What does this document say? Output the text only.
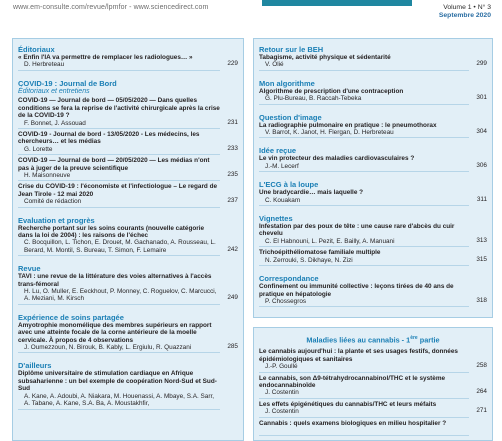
www.em-consulte.com/revue/lpmfor - www.sciencedirect.com	Volume 1 • N° 3
Septembre 2020
Éditoriaux
« Enfin l'IA va permettre de remplacer les radiologues… »
D. Herbreteau	229
COVID-19 : Journal de Bord
Éditoriaux et entretiens
COVID-19 — Journal de bord — 05/05/2020 — Dans quelles conditions se fera la reprise de l'activité chirurgicale après la crise de la COVID-19 ?
F. Bonnet, J. Assouad	231
COVID-19 - Journal de bord - 13/05/2020 - Les médecins, les chercheurs… et les médias
G. Lorette	233
COVID-19 — Journal de bord — 20/05/2020 — Les médias n'ont pas à juger de la preuve scientifique
H. Maisonneuve	235
Crise du COVID-19 : l'économiste et l'infectiologue – Le regard de Jean Tirole - 12 mai 2020
Comité de rédaction	237
Evaluation et progrès
Recherche portant sur les soins courants (nouvelle catégorie dans la loi de 2004) : les raisons de l'échec
C. Bocquillon, L. Tichon, E. Drouet, M. Gachanado, A. Rousseau, L. Berard, M. Montil, S. Bureau, T. Simon, F. Lemaire	242
Revue
TAVI : une revue de la littérature des voies alternatives à l'accès trans-fémoral
H. Lu, O. Muller, E. Eeckhout, P. Monney, C. Roguelov, C. Marcucci, A. Meziani, M. Kirsch	249
Expérience de soins partagée
Amyotrophie monomélique des membres supérieurs en rapport avec une atteinte focale de la corne antérieure de la moelle cervicale. À propos de 4 observations
J. Oumezzoun, N. Birouk, B. Kably, L. Ergiulu, R. Quazzani	285
D'ailleurs
Diplôme universitaire de stimulation cardiaque en Afrique subsaharienne : un bel exemple de coopération Nord-Sud et Sud-Sud
A. Kane, A. Adoubi, A. Niakara, M. Houenassi, A. Mbaye, S.A. Sarr, A. Tabane, A. Kane, S.A. Ba, A. Moustakhfir,
Retour sur le BEH
Tabagisme, activité physique et sédentarité
V. Olié	299
Mon algorithme
Algorithme de prescription d'une contraception
G. Plu-Bureau, B. Raccah-Tebeka	301
Question d'image
La radiographie pulmonaire en pratique : le pneumothorax
V. Barrot, K. Janot, H. Flergan, D. Herbreteau	304
Idée reçue
Le vin protecteur des maladies cardiovasculaires ?
J.-M. Lecerf	306
L'ECG à la loupe
Une bradycardie… mais laquelle ?
C. Kouakam	311
Vignettes
Infestation par des poux de tête : une cause rare d'abcès du cuir chevelu
C. El Habnouni, L. Pezit, E. Bailly, A. Manuani	313
Trichoépithéliomatose familiale multiple
N. Zerrouki, S. Dikhaye, N. Zizi	315
Correspondance
Confinement ou immunité collective : leçons tirées de 40 ans de pratique en hépatologie
P. Chossegros	318
Maladies liées au cannabis - 1ère partie
Le cannabis aujourd'hui : la plante et ses usages festifs, données épidémiologiques et sanitaires
J.-P. Goullé	258
Le cannabis, son Δ9-tétrahydrocannabinol/THC et le système endocannabinoïde
J. Costentin	264
Les effets épigénétiques du cannabis/THC et leurs méfaits
J. Costentin	271
Cannabis : quels examens biologiques en milieu hospitalier ?
